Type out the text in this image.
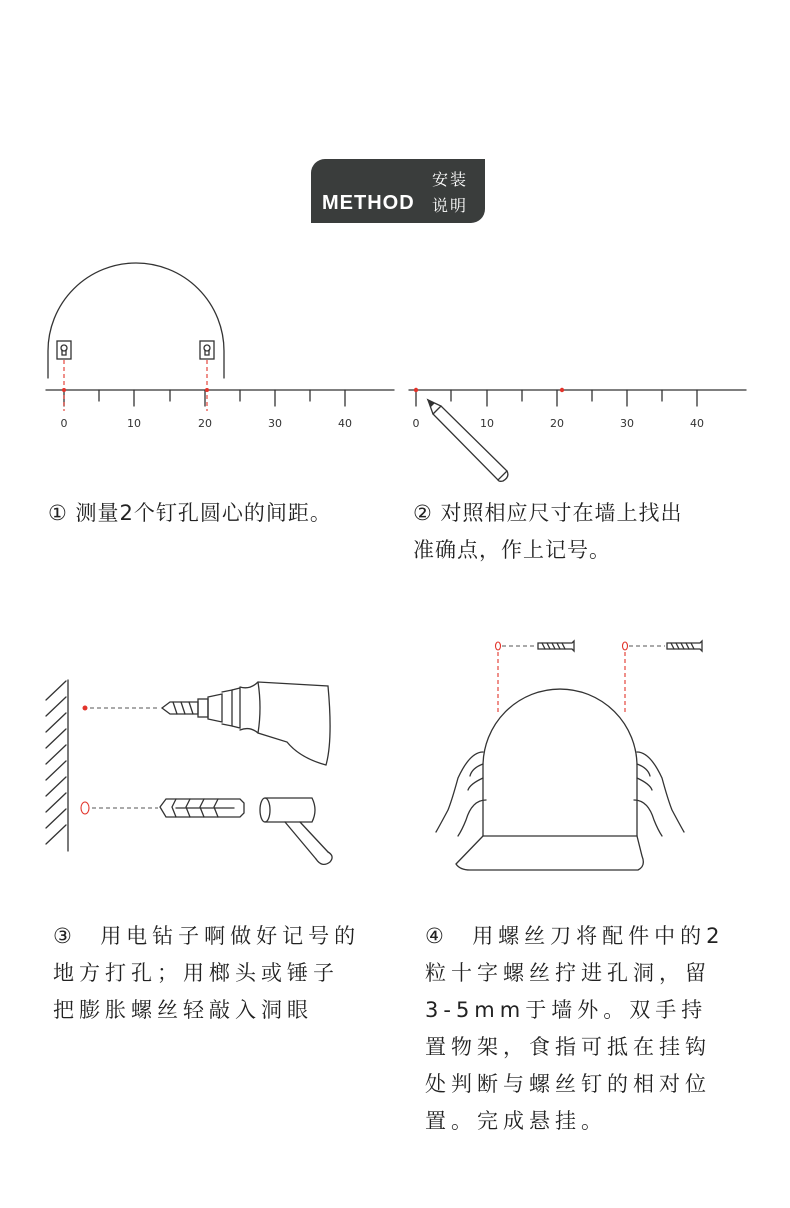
安装
METHOD 说明
0	10	20	30	40	0	10	20	30	40
① 测量2个钉孔圆心的间距。	② 对照相应尺寸在墙上找出
准确点，作上记号。
③ 用电钻子啊做好记号的
地方打孔；用榔头或锤子
把膨胀螺丝轻敲入洞眼
④ 用螺丝刀将配件中的2
粒十字螺丝拧进孔洞，留
3-5mm于墙外。双手持
置物架，食指可抵在挂钩
处判断与螺丝钉的相对位
置。完成悬挂。
